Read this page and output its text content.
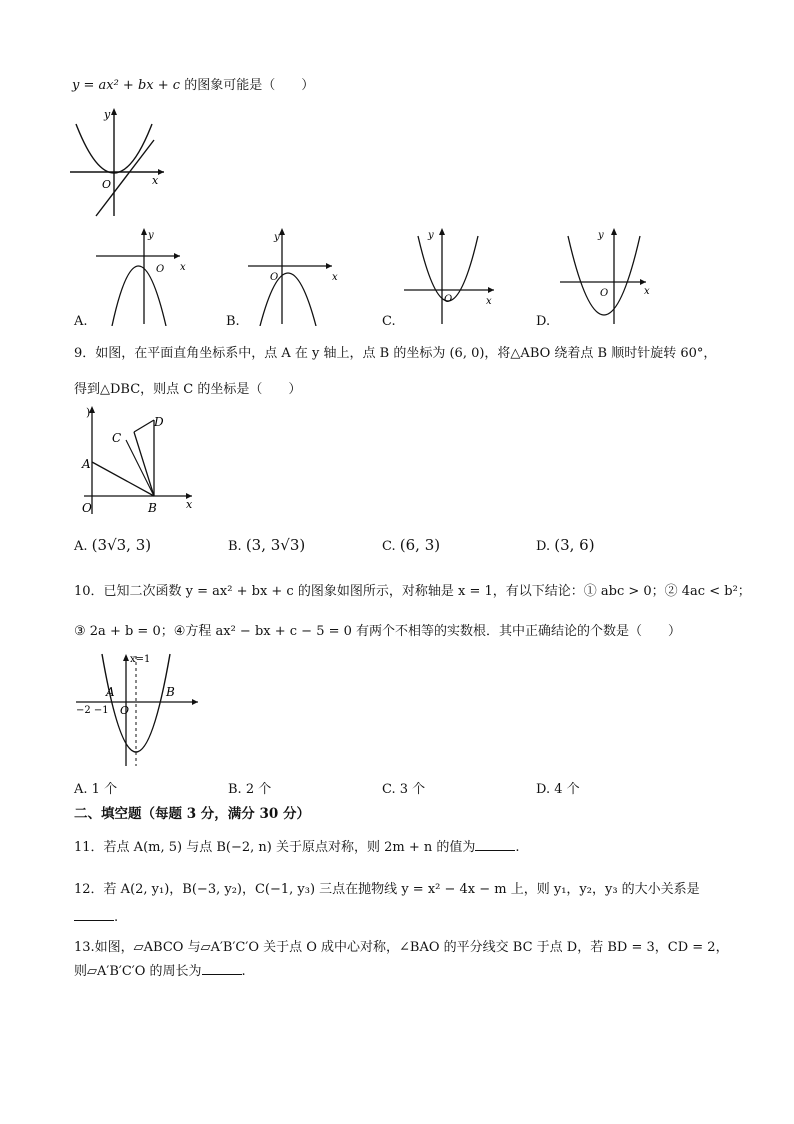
y = ax² + bx + c 的图象可能是（　　）
y
x
O
y
x
O
A.
y
x
O
B.
y
x
O
C.
y
x
O
D.
9．如图，在平面直角坐标系中，点 A 在 y 轴上，点 B 的坐标为 (6, 0)，将△ABO 绕着点 B 顺时针旋转 60°，
得到△DBC，则点 C 的坐标是（　　）
)
x
A
B
C
D
O
A. (3√3, 3)	B. (3, 3√3)	C. (6, 3)	D. (3, 6)
10．已知二次函数 y = ax² + bx + c 的图象如图所示，对称轴是 x = 1，有以下结论：① abc > 0；② 4ac < b²；
③ 2a + b = 0；④方程 ax² − bx + c − 5 = 0 有两个不相等的实数根．其中正确结论的个数是（　　）
x=1
A	B
O
−2 −1
A. 1 个	B. 2 个	C. 3 个	D. 4 个
二、填空题（每题 3 分，满分 30 分）
11．若点 A(m, 5) 与点 B(−2, n) 关于原点对称，则 2m + n 的值为	.
12．若 A(2, y₁)，B(−3, y₂)，C(−1, y₃) 三点在抛物线 y = x² − 4x − m 上，则 y₁，y₂，y₃ 的大小关系是
.
13.如图，▱ABCO 与▱A′B′C′O 关于点 O 成中心对称，∠BAO 的平分线交 BC 于点 D，若 BD = 3，CD = 2，
则▱A′B′C′O 的周长为	.
